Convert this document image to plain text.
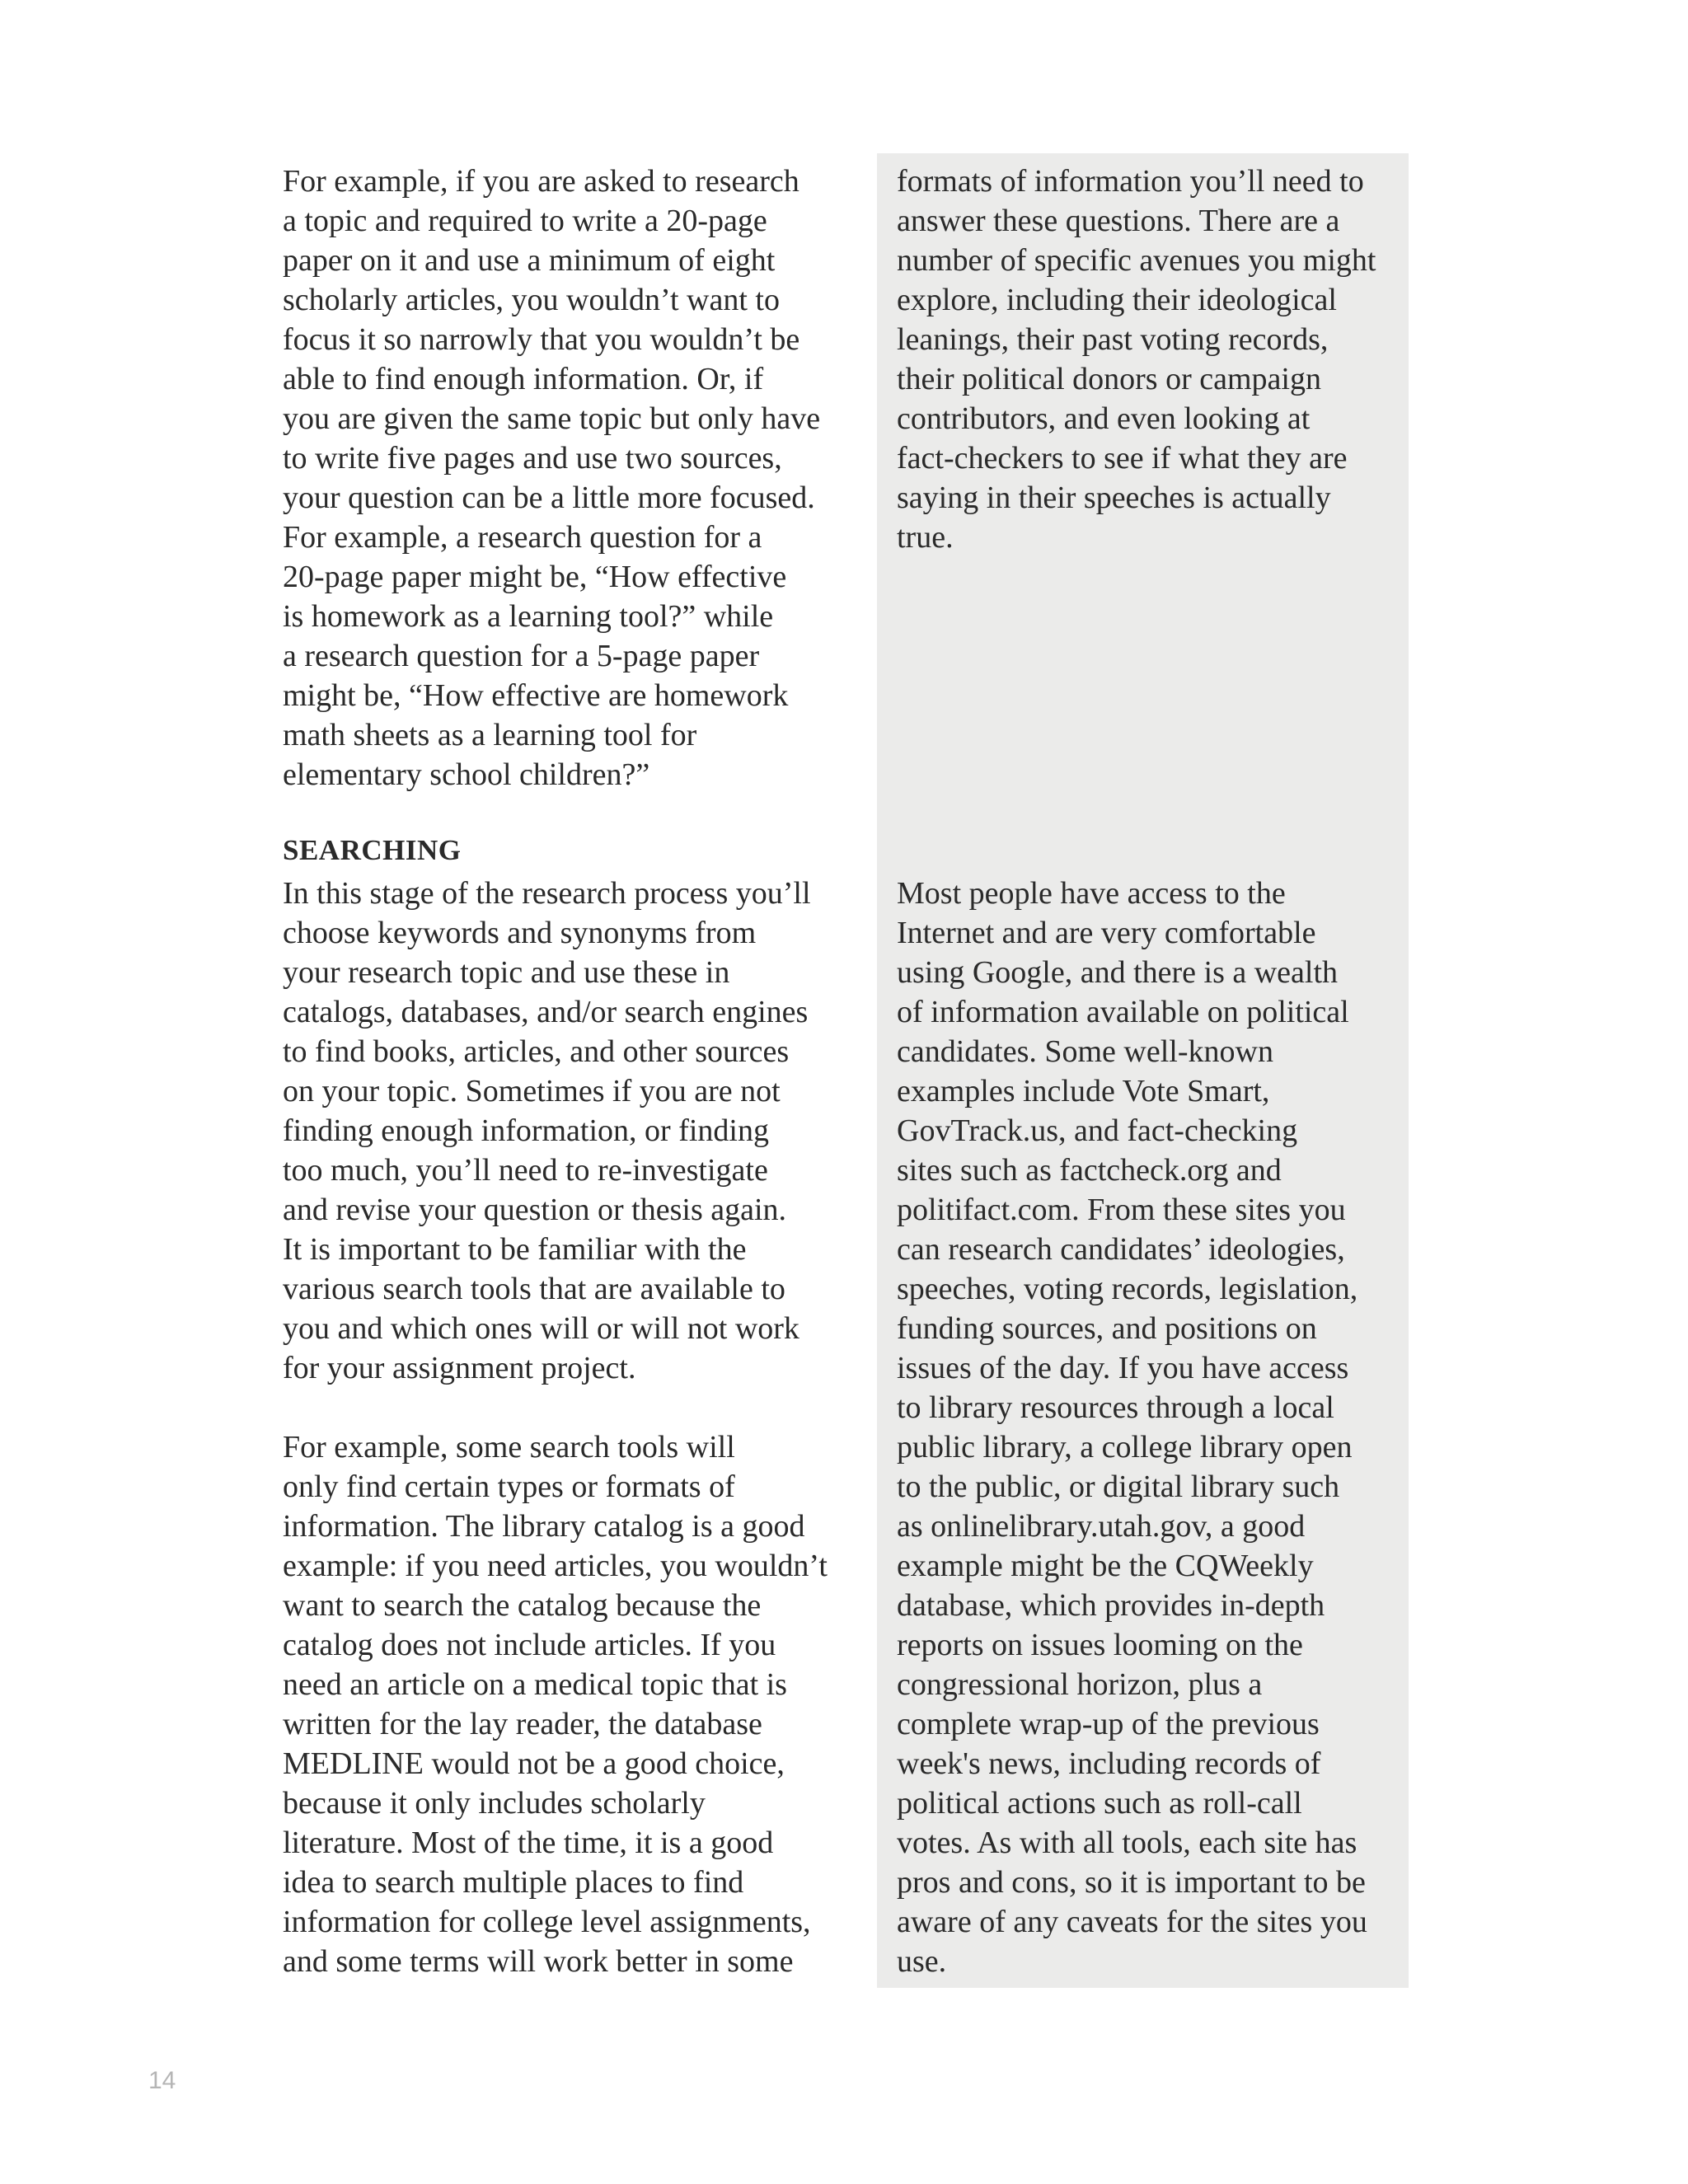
For example, if you are asked to research
a topic and required to write a 20-page
paper on it and use a minimum of eight
scholarly articles, you wouldn’t want to
focus it so narrowly that you wouldn’t be
able to find enough information. Or, if
you are given the same topic but only have
to write five pages and use two sources,
your question can be a little more focused.
For example, a research question for a
20-page paper might be, “How effective
is homework as a learning tool?” while
a research question for a 5-page paper
might be, “How effective are homework
math sheets as a learning tool for
elementary school children?”

SEARCHING

In this stage of the research process you’ll
choose keywords and synonyms from
your research topic and use these in
catalogs, databases, and/or search engines
to find books, articles, and other sources
on your topic. Sometimes if you are not
finding enough information, or finding
too much, you’ll need to re-investigate
and revise your question or thesis again.
It is important to be familiar with the
various search tools that are available to
you and which ones will or will not work
for your assignment project.

For example, some search tools will
only find certain types or formats of
information. The library catalog is a good
example: if you need articles, you wouldn’t
want to search the catalog because the
catalog does not include articles. If you
need an article on a medical topic that is
written for the lay reader, the database
MEDLINE would not be a good choice,
because it only includes scholarly
literature. Most of the time, it is a good
idea to search multiple places to find
information for college level assignments,
and some terms will work better in some

formats of information you’ll need to
answer these questions. There are a
number of specific avenues you might
explore, including their ideological
leanings, their past voting records,
their political donors or campaign
contributors, and even looking at
fact-checkers to see if what they are
saying in their speeches is actually
true.

Most people have access to the
Internet and are very comfortable
using Google, and there is a wealth
of information available on political
candidates. Some well-known
examples include Vote Smart,
GovTrack.us, and fact-checking
sites such as factcheck.org and
politifact.com. From these sites you
can research candidates’ ideologies,
speeches, voting records, legislation,
funding sources, and positions on
issues of the day. If you have access
to library resources through a local
public library, a college library open
to the public, or digital library such
as onlinelibrary.utah.gov, a good
example might be the CQWeekly
database, which provides in-depth
reports on issues looming on the
congressional horizon, plus a
complete wrap-up of the previous
week's news, including records of
political actions such as roll-call
votes. As with all tools, each site has
pros and cons, so it is important to be
aware of any caveats for the sites you
use.

14
